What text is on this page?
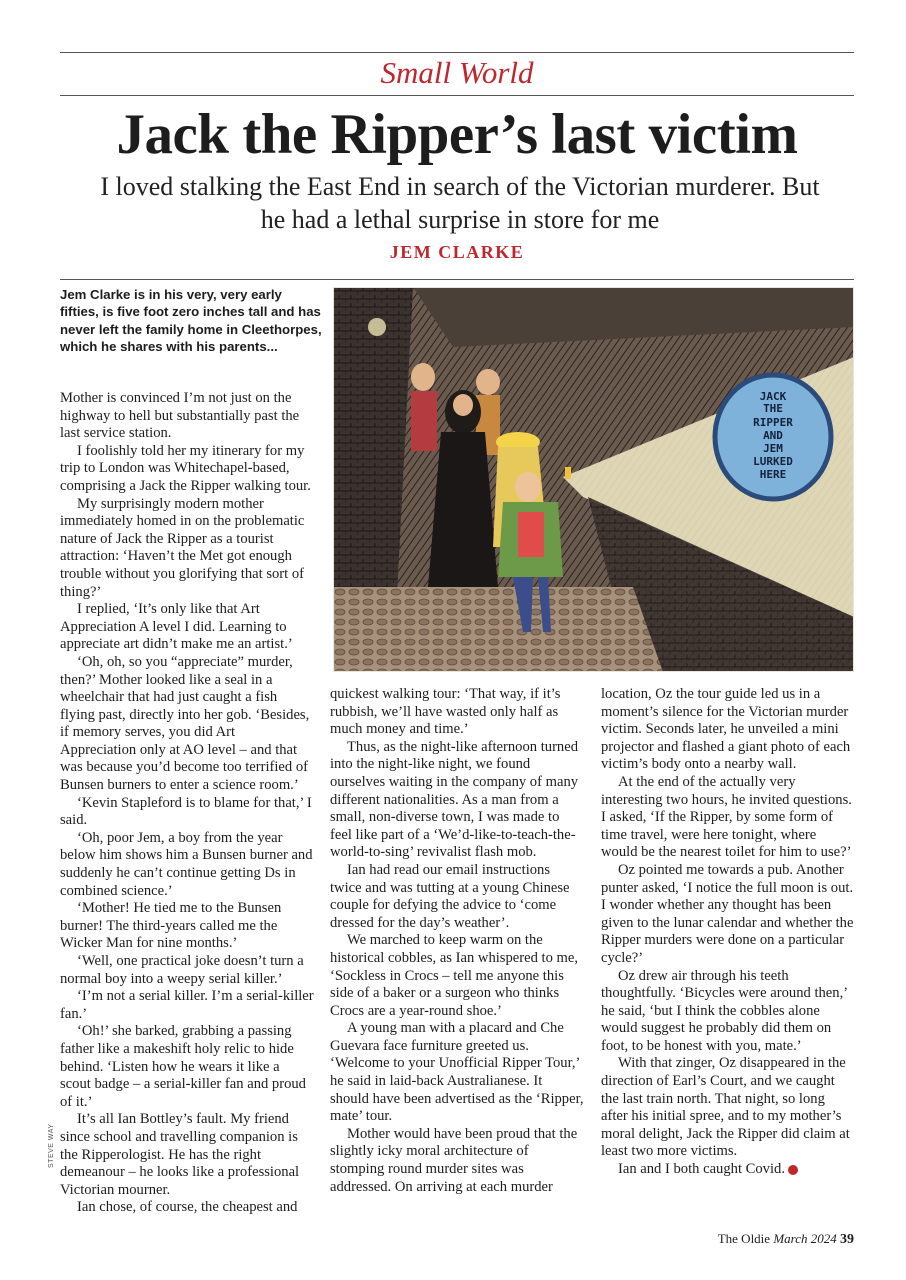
Small World
Jack the Ripper’s last victim
I loved stalking the East End in search of the Victorian murderer. But he had a lethal surprise in store for me
JEM CLARKE
Jem Clarke is in his very, very early fifties, is five foot zero inches tall and has never left the family home in Cleethorpes, which he shares with his parents...
JACK
THE
RIPPER
AND
JEM
LURKED
HERE
STEVE WAY

Mother is convinced I’m not just on the highway to hell but substantially past the last service station.

I foolishly told her my itinerary for my trip to London was Whitechapel-based, comprising a Jack the Ripper walking tour.

My surprisingly modern mother immediately homed in on the problematic nature of Jack the Ripper as a tourist attraction: ‘Haven’t the Met got enough trouble without you glorifying that sort of thing?’

I replied, ‘It’s only like that Art Appreciation A level I did. Learning to appreciate art didn’t make me an artist.’

‘Oh, oh, so you “appreciate” murder, then?’ Mother looked like a seal in a wheelchair that had just caught a fish flying past, directly into her gob. ‘Besides, if memory serves, you did Art Appreciation only at AO level – and that was because you’d become too terrified of Bunsen burners to enter a science room.’

‘Kevin Stapleford is to blame for that,’ I said.

‘Oh, poor Jem, a boy from the year below him shows him a Bunsen burner and suddenly he can’t continue getting Ds in combined science.’

‘Mother! He tied me to the Bunsen burner! The third-years called me the Wicker Man for nine months.’

‘Well, one practical joke doesn’t turn a normal boy into a weepy serial killer.’

‘I’m not a serial killer. I’m a serial-killer fan.’

‘Oh!’ she barked, grabbing a passing father like a makeshift holy relic to hide behind. ‘Listen how he wears it like a scout badge – a serial-killer fan and proud of it.’

It’s all Ian Bottley’s fault. My friend since school and travelling companion is the Ripperologist. He has the right demeanour – he looks like a professional Victorian mourner.

Ian chose, of course, the cheapest and

quickest walking tour: ‘That way, if it’s rubbish, we’ll have wasted only half as much money and time.’

Thus, as the night-like afternoon turned into the night-like night, we found ourselves waiting in the company of many different nationalities. As a man from a small, non-diverse town, I was made to feel like part of a ‘We’d-like-to-teach-the-world-to-sing’ revivalist flash mob.

Ian had read our email instructions twice and was tutting at a young Chinese couple for defying the advice to ‘come dressed for the day’s weather’.

We marched to keep warm on the historical cobbles, as Ian whispered to me, ‘Sockless in Crocs – tell me anyone this side of a baker or a surgeon who thinks Crocs are a year-round shoe.’

A young man with a placard and Che Guevara face furniture greeted us. ‘Welcome to your Unofficial Ripper Tour,’ he said in laid-back Australianese. It should have been advertised as the ‘Ripper, mate’ tour.

Mother would have been proud that the slightly icky moral architecture of stomping round murder sites was addressed. On arriving at each murder

location, Oz the tour guide led us in a moment’s silence for the Victorian murder victim. Seconds later, he unveiled a mini projector and flashed a giant photo of each victim’s body onto a nearby wall.

At the end of the actually very interesting two hours, he invited questions. I asked, ‘If the Ripper, by some form of time travel, were here tonight, where would be the nearest toilet for him to use?’

Oz pointed me towards a pub. Another punter asked, ‘I notice the full moon is out. I wonder whether any thought has been given to the lunar calendar and whether the Ripper murders were done on a particular cycle?’

Oz drew air through his teeth thoughtfully. ‘Bicycles were around then,’ he said, ‘but I think the cobbles alone would suggest he probably did them on foot, to be honest with you, mate.’

With that zinger, Oz disappeared in the direction of Earl’s Court, and we caught the last train north. That night, so long after his initial spree, and to my mother’s moral delight, Jack the Ripper did claim at least two more victims.

Ian and I both caught Covid.

The Oldie March 2024 39
